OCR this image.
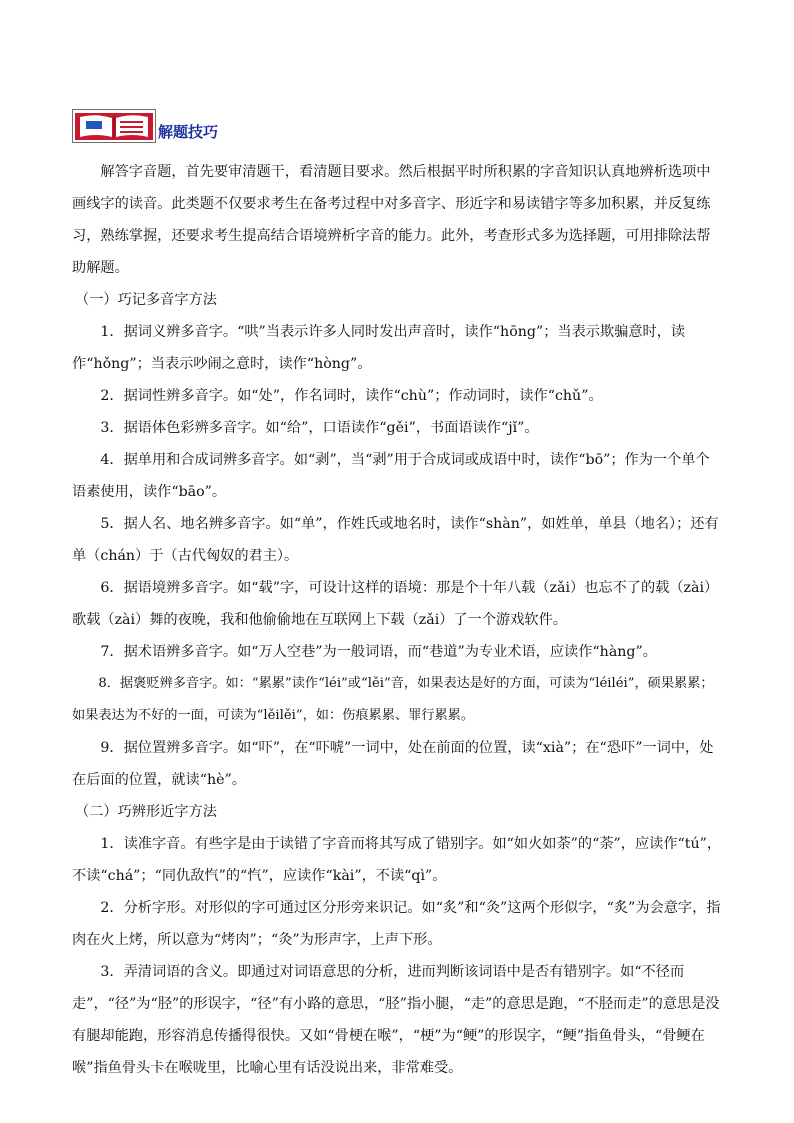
解题技巧

解答字音题，首先要审清题干，看清题目要求。然后根据平时所积累的字音知识认真地辨析选项中画线字的读音。此类题不仅要求考生在备考过程中对多音字、形近字和易读错字等多加积累，并反复练习，熟练掌握，还要求考生提高结合语境辨析字音的能力。此外，考查形式多为选择题，可用排除法帮助解题。

（一）巧记多音字方法

1．据词义辨多音字。“哄”当表示许多人同时发出声音时，读作“hōng”；当表示欺骗意时，读作“hǒng”；当表示吵闹之意时，读作“hòng”。

2．据词性辨多音字。如“处”，作名词时，读作“chù”；作动词时，读作“chǔ”。

3．据语体色彩辨多音字。如“给”，口语读作“gěi”，书面语读作“jǐ”。

4．据单用和合成词辨多音字。如“剥”，当“剥”用于合成词或成语中时，读作“bō”；作为一个单个语素使用，读作“bāo”。

5．据人名、地名辨多音字。如“单”，作姓氏或地名时，读作“shàn”，如姓单，单县（地名）；还有单（chán）于（古代匈奴的君主）。

6．据语境辨多音字。如“载”字，可设计这样的语境：那是个十年八载（zǎi）也忘不了的载（zài）歌载（zài）舞的夜晚，我和他偷偷地在互联网上下载（zǎi）了一个游戏软件。

7．据术语辨多音字。如“万人空巷”为一般词语，而“巷道”为专业术语，应读作“hàng”。

8．据褒贬辨多音字。如：“累累”读作“léi”或“lěi”音，如果表达是好的方面，可读为“léiléi”，硕果累累；如果表达为不好的一面，可读为“lěilěi”，如：伤痕累累、罪行累累。

9．据位置辨多音字。如“吓”，在“吓唬”一词中，处在前面的位置，读“xià”；在“恐吓”一词中，处在后面的位置，就读“hè”。

（二）巧辨形近字方法

1．读准字音。有些字是由于读错了字音而将其写成了错别字。如“如火如荼”的“荼”，应读作“tú”，不读“chá”；“同仇敌忾”的“忾”，应读作“kài”，不读“qì”。

2．分析字形。对形似的字可通过区分形旁来识记。如“炙”和“灸”这两个形似字，“炙”为会意字，指肉在火上烤，所以意为“烤肉”；“灸”为形声字，上声下形。

3．弄清词语的含义。即通过对词语意思的分析，进而判断该词语中是否有错别字。如“不径而走”，“径”为“胫”的形误字，“径”有小路的意思，“胫”指小腿，“走”的意思是跑，“不胫而走”的意思是没有腿却能跑，形容消息传播得很快。又如“骨梗在喉”，“梗”为“鲠”的形误字，“鲠”指鱼骨头，“骨鲠在喉”指鱼骨头卡在喉咙里，比喻心里有话没说出来，非常难受。
